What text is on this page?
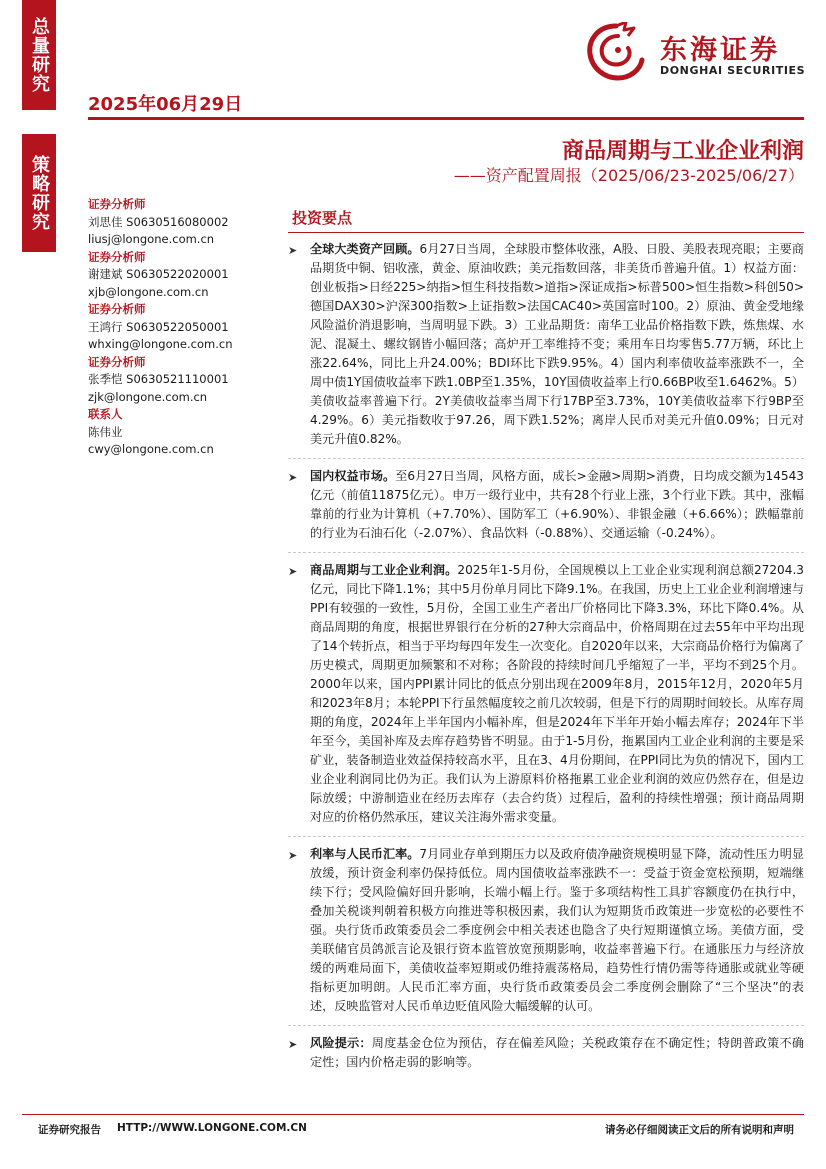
总量研究
策略研究
2025年06月29日
东海证券
DONGHAI SECURITIES
商品周期与工业企业利润
——资产配置周报（2025/06/23-2025/06/27）
证券分析师
刘思佳 S0630516080002
liusj@longone.com.cn
证券分析师
谢建斌 S0630522020001
xjb@longone.com.cn
证券分析师
王鸿行 S0630522050001
whxing@longone.com.cn
证券分析师
张季恺 S0630521110001
zjk@longone.com.cn
联系人
陈伟业
cwy@longone.com.cn
投资要点
➤	全球大类资产回顾。6月27日当周，全球股市整体收涨，A股、日股、美股表现亮眼；主要商品期货中铜、铝收涨，黄金、原油收跌；美元指数回落，非美货币普遍升值。1）权益方面：创业板指>日经225>纳指>恒生科技指数>道指>深证成指>标普500>恒生指数>科创50>德国DAX30>沪深300指数>上证指数>法国CAC40>英国富时100。2）原油、黄金受地缘风险溢价消退影响，当周明显下跌。3）工业品期货：南华工业品价格指数下跌，炼焦煤、水泥、混凝土、螺纹钢皆小幅回落；高炉开工率维持不变；乘用车日均零售5.77万辆，环比上涨22.64%，同比上升24.00%；BDI环比下跌9.95%。4）国内利率债收益率涨跌不一，全周中债1Y国债收益率下跌1.0BP至1.35%，10Y国债收益率上行0.66BP收至1.6462%。5）美债收益率普遍下行。2Y美债收益率当周下行17BP至3.73%，10Y美债收益率下行9BP至4.29%。6）美元指数收于97.26，周下跌1.52%；离岸人民币对美元升值0.09%；日元对美元升值0.82%。
➤	国内权益市场。至6月27日当周，风格方面，成长>金融>周期>消费，日均成交额为14543亿元（前值11875亿元）。申万一级行业中，共有28个行业上涨，3个行业下跌。其中，涨幅靠前的行业为计算机（+7.70%）、国防军工（+6.90%）、非银金融（+6.66%）；跌幅靠前的行业为石油石化（-2.07%）、食品饮料（-0.88%）、交通运输（-0.24%）。
➤	商品周期与工业企业利润。2025年1-5月份，全国规模以上工业企业实现利润总额27204.3亿元，同比下降1.1%；其中5月份单月同比下降9.1%。在我国，历史上工业企业利润增速与PPI有较强的一致性，5月份，全国工业生产者出厂价格同比下降3.3%，环比下降0.4%。从商品周期的角度，根据世界银行在分析的27种大宗商品中，价格周期在过去55年中平均出现了14个转折点，相当于平均每四年发生一次变化。自2020年以来，大宗商品价格行为偏离了历史模式，周期更加频繁和不对称；各阶段的持续时间几乎缩短了一半，平均不到25个月。2000年以来，国内PPI累计同比的低点分别出现在2009年8月，2015年12月，2020年5月和2023年8月；本轮PPI下行虽然幅度较之前几次较弱，但是下行的周期时间较长。从库存周期的角度，2024年上半年国内小幅补库，但是2024年下半年开始小幅去库存；2024年下半年至今，美国补库及去库存趋势皆不明显。由于1-5月份，拖累国内工业企业利润的主要是采矿业，装备制造业效益保持较高水平，且在3、4月份期间，在PPI同比为负的情况下，国内工业企业利润同比仍为正。我们认为上游原料价格拖累工业企业利润的效应仍然存在，但是边际放缓；中游制造业在经历去库存（去合约货）过程后，盈利的持续性增强；预计商品周期对应的价格仍然承压，建议关注海外需求变量。
➤	利率与人民币汇率。7月同业存单到期压力以及政府债净融资规模明显下降，流动性压力明显放缓，预计资金利率仍保持低位。周内国债收益率涨跌不一：受益于资金宽松预期，短端继续下行；受风险偏好回升影响，长端小幅上行。鉴于多项结构性工具扩容额度仍在执行中，叠加关税谈判朝着积极方向推进等积极因素，我们认为短期货币政策进一步宽松的必要性不强。央行货币政策委员会二季度例会中相关表述也隐含了央行短期谨慎立场。美债方面，受美联储官员鸽派言论及银行资本监管放宽预期影响，收益率普遍下行。在通胀压力与经济放缓的两难局面下，美债收益率短期或仍维持震荡格局，趋势性行情仍需等待通胀或就业等硬指标更加明朗。人民币汇率方面，央行货币政策委员会二季度例会删除了“三个坚决”的表述，反映监管对人民币单边贬值风险大幅缓解的认可。
➤	风险提示：周度基金仓位为预估，存在偏差风险；关税政策存在不确定性；特朗普政策不确定性；国内价格走弱的影响等。
证券研究报告 HTTP://WWW.LONGONE.COM.CN	请务必仔细阅读正文后的所有说明和声明
